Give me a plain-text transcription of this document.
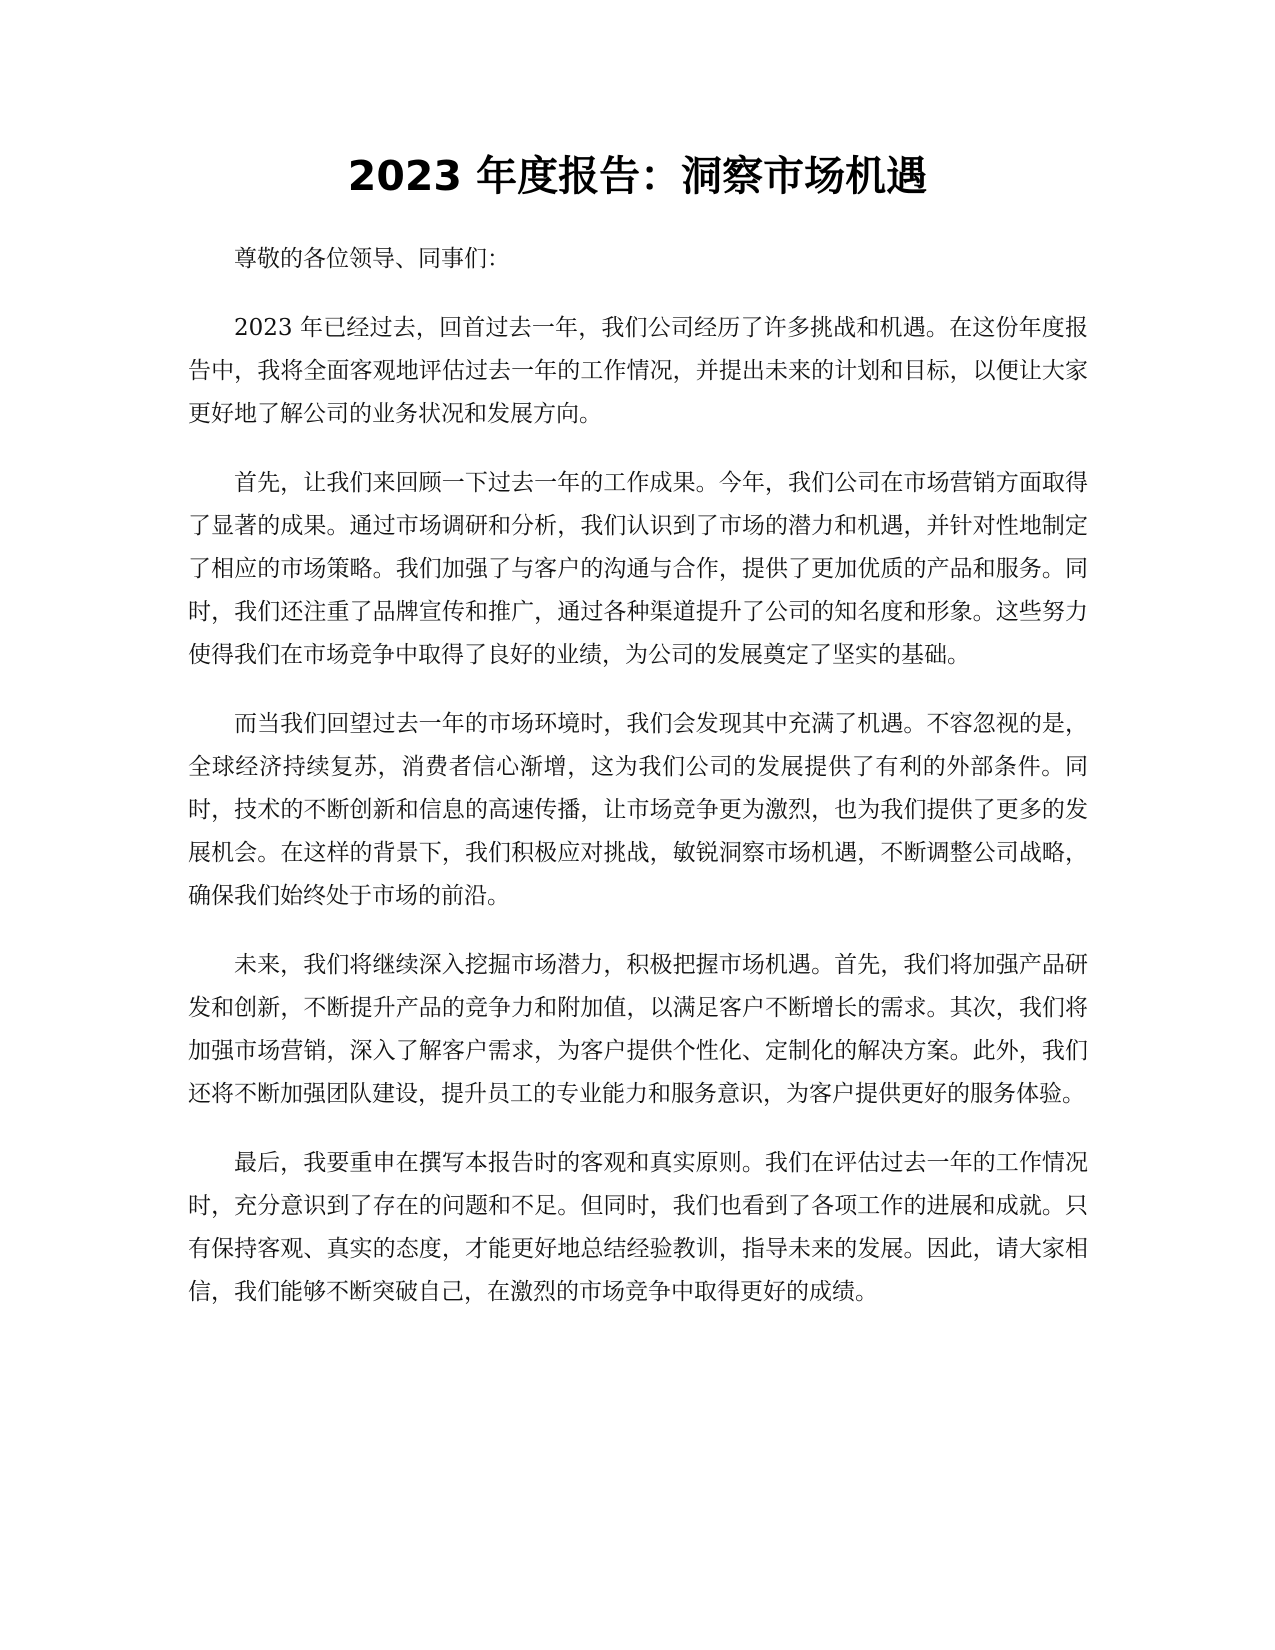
2023 年度报告：洞察市场机遇

尊敬的各位领导、同事们：

2023 年已经过去，回首过去一年，我们公司经历了许多挑战和机遇。在这份年度报告中，我将全面客观地评估过去一年的工作情况，并提出未来的计划和目标，以便让大家更好地了解公司的业务状况和发展方向。

首先，让我们来回顾一下过去一年的工作成果。今年，我们公司在市场营销方面取得了显著的成果。通过市场调研和分析，我们认识到了市场的潜力和机遇，并针对性地制定了相应的市场策略。我们加强了与客户的沟通与合作，提供了更加优质的产品和服务。同时，我们还注重了品牌宣传和推广，通过各种渠道提升了公司的知名度和形象。这些努力使得我们在市场竞争中取得了良好的业绩，为公司的发展奠定了坚实的基础。

而当我们回望过去一年的市场环境时，我们会发现其中充满了机遇。不容忽视的是，全球经济持续复苏，消费者信心渐增，这为我们公司的发展提供了有利的外部条件。同时，技术的不断创新和信息的高速传播，让市场竞争更为激烈，也为我们提供了更多的发展机会。在这样的背景下，我们积极应对挑战，敏锐洞察市场机遇，不断调整公司战略，确保我们始终处于市场的前沿。

未来，我们将继续深入挖掘市场潜力，积极把握市场机遇。首先，我们将加强产品研发和创新，不断提升产品的竞争力和附加值，以满足客户不断增长的需求。其次，我们将加强市场营销，深入了解客户需求，为客户提供个性化、定制化的解决方案。此外，我们还将不断加强团队建设，提升员工的专业能力和服务意识，为客户提供更好的服务体验。

最后，我要重申在撰写本报告时的客观和真实原则。我们在评估过去一年的工作情况时，充分意识到了存在的问题和不足。但同时，我们也看到了各项工作的进展和成就。只有保持客观、真实的态度，才能更好地总结经验教训，指导未来的发展。因此，请大家相信，我们能够不断突破自己，在激烈的市场竞争中取得更好的成绩。
